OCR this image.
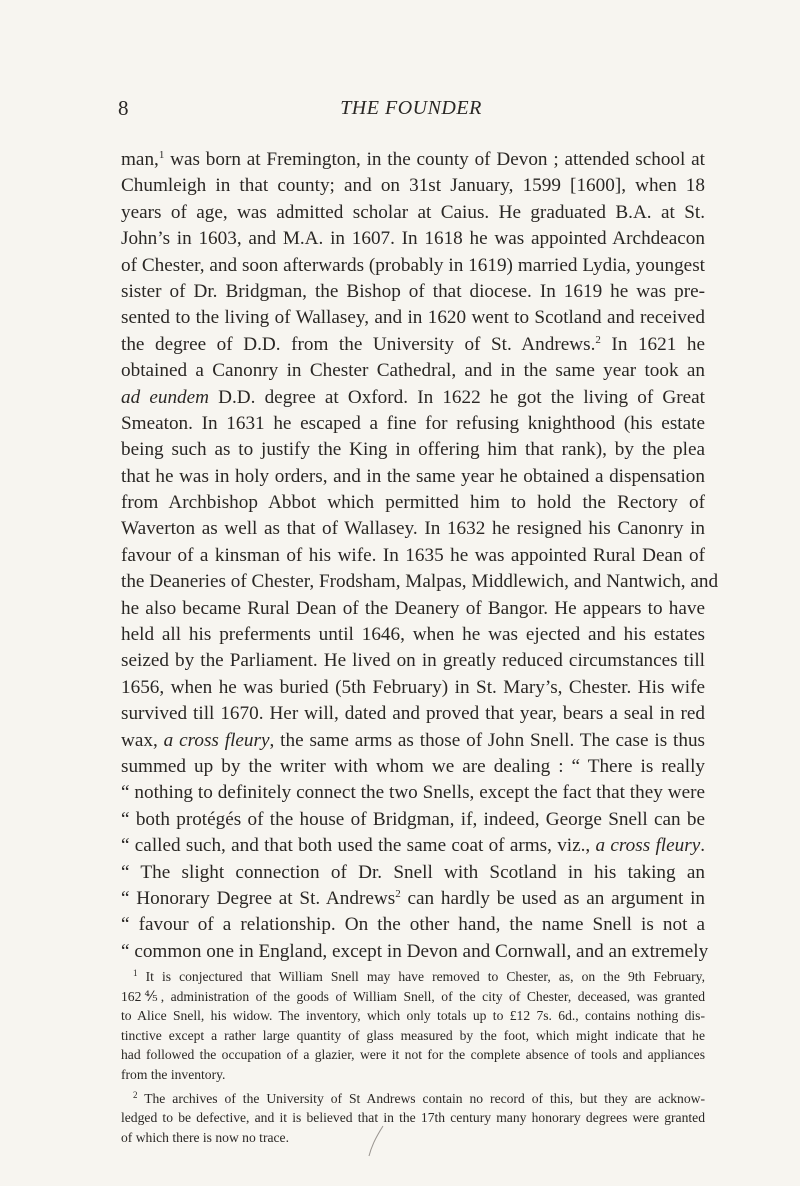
8	THE FOUNDER
man,$^1$ was born at Fremington, in the county of Devon ; attended school at
Chumleigh in that county; and on 31st January, 1599 [1600], when 18
years of age, was admitted scholar at Caius. He graduated B.A. at St.
John’s in 1603, and M.A. in 1607. In 1618 he was appointed Archdeacon
of Chester, and soon afterwards (probably in 1619) married Lydia, youngest
sister of Dr. Bridgman, the Bishop of that diocese. In 1619 he was pre-
sented to the living of Wallasey, and in 1620 went to Scotland and received
the degree of D.D. from the University of St. Andrews.$^2$ In 1621 he
obtained a Canonry in Chester Cathedral, and in the same year took an
ad eundem D.D. degree at Oxford. In 1622 he got the living of Great
Smeaton. In 1631 he escaped a fine for refusing knighthood (his estate
being such as to justify the King in offering him that rank), by the plea
that he was in holy orders, and in the same year he obtained a dispensation
from Archbishop Abbot which permitted him to hold the Rectory of
Waverton as well as that of Wallasey. In 1632 he resigned his Canonry in
favour of a kinsman of his wife. In 1635 he was appointed Rural Dean of
the Deaneries of Chester, Frodsham, Malpas, Middlewich, and Nantwich, and
he also became Rural Dean of the Deanery of Bangor. He appears to have
held all his preferments until 1646, when he was ejected and his estates
seized by the Parliament. He lived on in greatly reduced circumstances till
1656, when he was buried (5th February) in St. Mary’s, Chester. His wife
survived till 1670. Her will, dated and proved that year, bears a seal in red
wax, a cross fleury, the same arms as those of John Snell. The case is thus
summed up by the writer with whom we are dealing : “ There is really
“ nothing to definitely connect the two Snells, except the fact that they were
“ both protégés of the house of Bridgman, if, indeed, George Snell can be
“ called such, and that both used the same coat of arms, viz., a cross fleury.
“ The slight connection of Dr. Snell with Scotland in his taking an
“ Honorary Degree at St. Andrews$^2$ can hardly be used as an argument in
“ favour of a relationship. On the other hand, the name Snell is not a
“ common one in England, except in Devon and Cornwall, and an extremely
$^1$ It is conjectured that William Snell may have removed to Chester, as, on the 9th February,
162⅘, administration of the goods of William Snell, of the city of Chester, deceased, was granted
to Alice Snell, his widow. The inventory, which only totals up to £12 7s. 6d., contains nothing dis-
tinctive except a rather large quantity of glass measured by the foot, which might indicate that he
had followed the occupation of a glazier, were it not for the complete absence of tools and appliances
from the inventory.
$^2$ The archives of the University of St Andrews contain no record of this, but they are acknow-
ledged to be defective, and it is believed that in the 17th century many honorary degrees were granted
of which there is now no trace.
